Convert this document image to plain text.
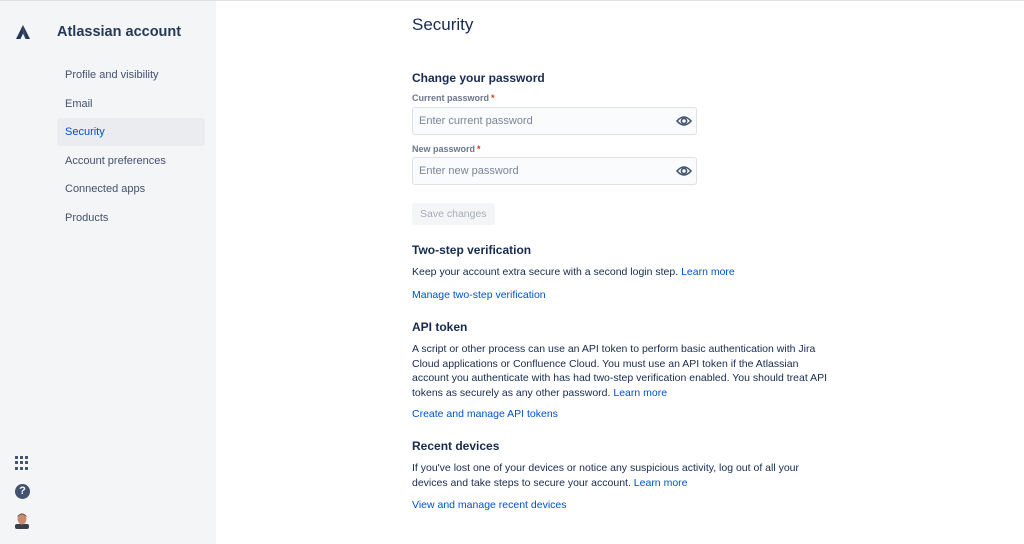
Atlassian account
Profile and visibility
Email
Security
Account preferences
Connected apps
Products
?
Security
Change your password
Current password *
New password *
Save changes
Two-step verification

Keep your account extra secure with a second login step. Learn more

Manage two-step verification
API token

A script or other process can use an API token to perform basic authentication with Jira Cloud applications or Confluence Cloud. You must use an API token if the Atlassian account you authenticate with has had two-step verification enabled. You should treat API tokens as securely as any other password. Learn more

Create and manage API tokens
Recent devices

If you've lost one of your devices or notice any suspicious activity, log out of all your devices and take steps to secure your account. Learn more

View and manage recent devices
